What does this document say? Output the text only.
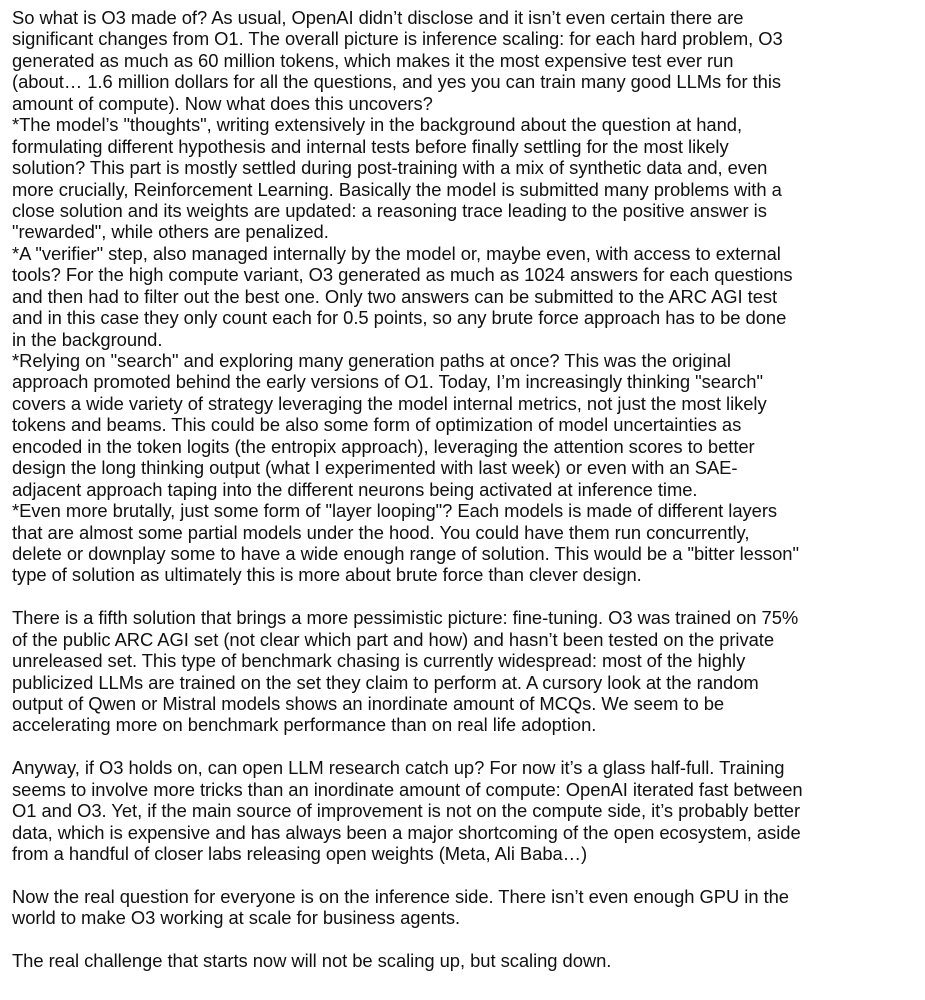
So what is O3 made of? As usual, OpenAI didn’t disclose and it isn’t even certain there are
significant changes from O1. The overall picture is inference scaling: for each hard problem, O3
generated as much as 60 million tokens, which makes it the most expensive test ever run
(about… 1.6 million dollars for all the questions, and yes you can train many good LLMs for this
amount of compute). Now what does this uncovers?
*The model’s "thoughts", writing extensively in the background about the question at hand,
formulating different hypothesis and internal tests before finally settling for the most likely
solution? This part is mostly settled during post-training with a mix of synthetic data and, even
more crucially, Reinforcement Learning. Basically the model is submitted many problems with a
close solution and its weights are updated: a reasoning trace leading to the positive answer is
"rewarded", while others are penalized.
*A "verifier" step, also managed internally by the model or, maybe even, with access to external
tools? For the high compute variant, O3 generated as much as 1024 answers for each questions
and then had to filter out the best one. Only two answers can be submitted to the ARC AGI test
and in this case they only count each for 0.5 points, so any brute force approach has to be done
in the background.
*Relying on "search" and exploring many generation paths at once? This was the original
approach promoted behind the early versions of O1. Today, I’m increasingly thinking "search"
covers a wide variety of strategy leveraging the model internal metrics, not just the most likely
tokens and beams. This could be also some form of optimization of model uncertainties as
encoded in the token logits (the entropix approach), leveraging the attention scores to better
design the long thinking output (what I experimented with last week) or even with an SAE-
adjacent approach taping into the different neurons being activated at inference time.
*Even more brutally, just some form of "layer looping"? Each models is made of different layers
that are almost some partial models under the hood. You could have them run concurrently,
delete or downplay some to have a wide enough range of solution. This would be a "bitter lesson"
type of solution as ultimately this is more about brute force than clever design.
There is a fifth solution that brings a more pessimistic picture: fine-tuning. O3 was trained on 75%
of the public ARC AGI set (not clear which part and how) and hasn’t been tested on the private
unreleased set. This type of benchmark chasing is currently widespread: most of the highly
publicized LLMs are trained on the set they claim to perform at. A cursory look at the random
output of Qwen or Mistral models shows an inordinate amount of MCQs. We seem to be
accelerating more on benchmark performance than on real life adoption.
Anyway, if O3 holds on, can open LLM research catch up? For now it’s a glass half-full. Training
seems to involve more tricks than an inordinate amount of compute: OpenAI iterated fast between
O1 and O3. Yet, if the main source of improvement is not on the compute side, it’s probably better
data, which is expensive and has always been a major shortcoming of the open ecosystem, aside
from a handful of closer labs releasing open weights (Meta, Ali Baba…)
Now the real question for everyone is on the inference side. There isn’t even enough GPU in the
world to make O3 working at scale for business agents.
The real challenge that starts now will not be scaling up, but scaling down.
